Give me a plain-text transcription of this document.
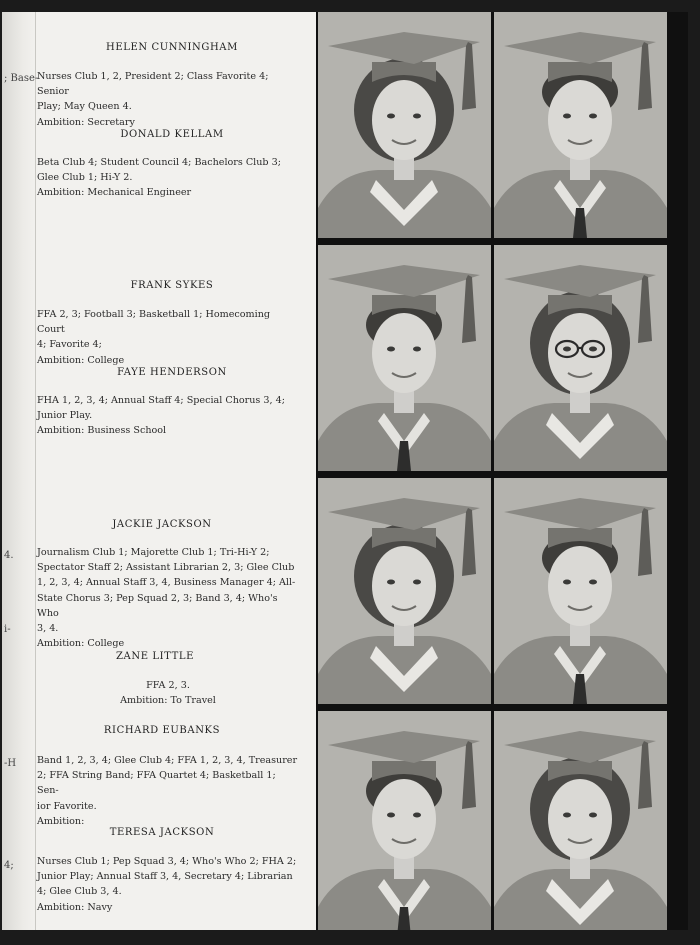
; Base-
4.
i-
-H
4;
HELEN CUNNINGHAM

Nurses Club 1, 2, President 2; Class Favorite 4; Senior

Play; May Queen 4.

Ambition: Secretary

DONALD KELLAM

Beta Club 4; Student Council 4; Bachelors Club 3;

Glee Club 1; Hi-Y 2.

Ambition: Mechanical Engineer

FRANK SYKES

FFA 2, 3; Football 3; Basketball 1; Homecoming Court

4; Favorite 4;

Ambition: College

FAYE HENDERSON

FHA 1, 2, 3, 4; Annual Staff 4; Special Chorus 3, 4;

Junior Play.

Ambition: Business School

JACKIE JACKSON

Journalism Club 1; Majorette Club 1; Tri-Hi-Y 2;

Spectator Staff 2; Assistant Librarian 2, 3; Glee Club

1, 2, 3, 4; Annual Staff 3, 4, Business Manager 4; All-

State Chorus 3; Pep Squad 2, 3; Band 3, 4; Who's Who

3, 4.

Ambition: College

ZANE LITTLE

FFA 2, 3.

Ambition: To Travel

RICHARD EUBANKS

Band 1, 2, 3, 4; Glee Club 4; FFA 1, 2, 3, 4, Treasurer

2; FFA String Band; FFA Quartet 4; Basketball 1; Sen-

ior Favorite.

Ambition:

TERESA JACKSON

Nurses Club 1; Pep Squad 3, 4; Who's Who 2; FHA 2;

Junior Play; Annual Staff 3, 4, Secretary 4; Librarian

4; Glee Club 3, 4.

Ambition: Navy
